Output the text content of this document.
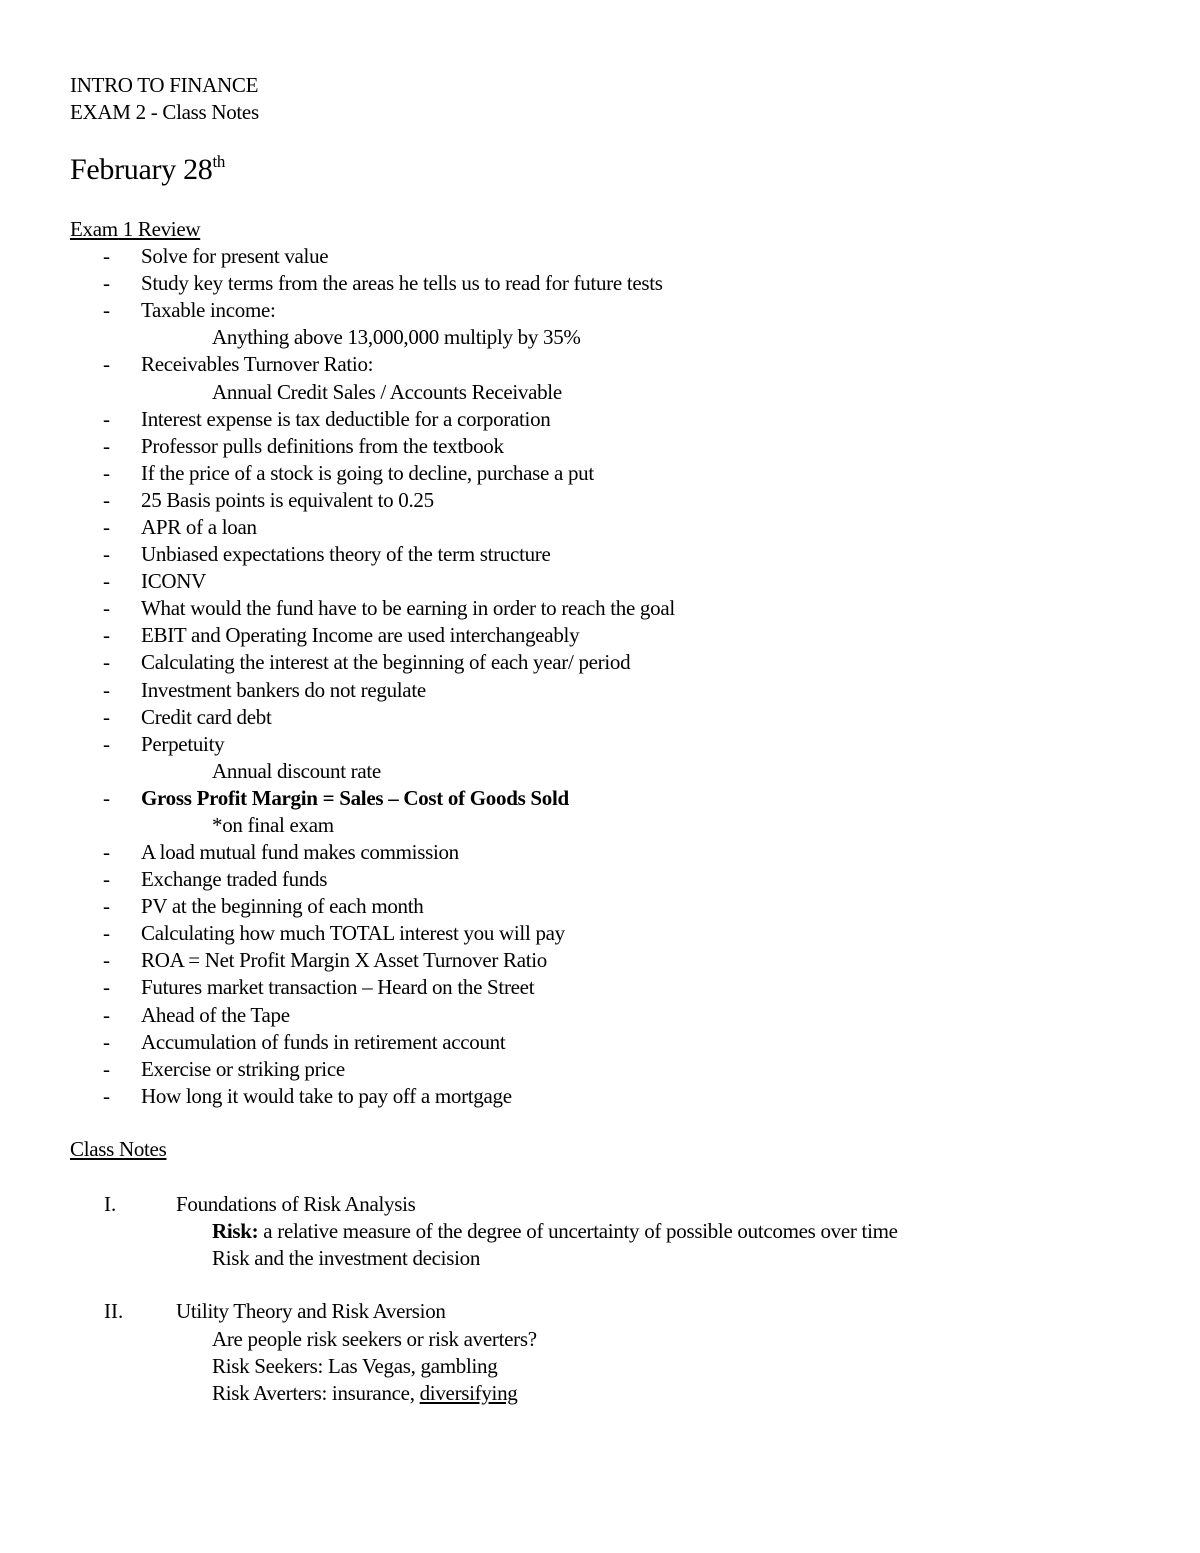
INTRO TO FINANCE
EXAM 2 - Class Notes
February 28th
Exam 1 Review
- Solve for present value
- Study key terms from the areas he tells us to read for future tests
- Taxable income:
Anything above 13,000,000 multiply by 35%
- Receivables Turnover Ratio:
Annual Credit Sales / Accounts Receivable
- Interest expense is tax deductible for a corporation
- Professor pulls definitions from the textbook
- If the price of a stock is going to decline, purchase a put
- 25 Basis points is equivalent to 0.25
- APR of a loan
- Unbiased expectations theory of the term structure
- ICONV
- What would the fund have to be earning in order to reach the goal
- EBIT and Operating Income are used interchangeably
- Calculating the interest at the beginning of each year/ period
- Investment bankers do not regulate
- Credit card debt
- Perpetuity
Annual discount rate
- Gross Profit Margin = Sales – Cost of Goods Sold
*on final exam
- A load mutual fund makes commission
- Exchange traded funds
- PV at the beginning of each month
- Calculating how much TOTAL interest you will pay
- ROA = Net Profit Margin X Asset Turnover Ratio
- Futures market transaction – Heard on the Street
- Ahead of the Tape
- Accumulation of funds in retirement account
- Exercise or striking price
- How long it would take to pay off a mortgage
Class Notes
I.	Foundations of Risk Analysis
Risk: a relative measure of the degree of uncertainty of possible outcomes over time
Risk and the investment decision
II.	Utility Theory and Risk Aversion
Are people risk seekers or risk averters?
Risk Seekers: Las Vegas, gambling
Risk Averters: insurance, diversifying
